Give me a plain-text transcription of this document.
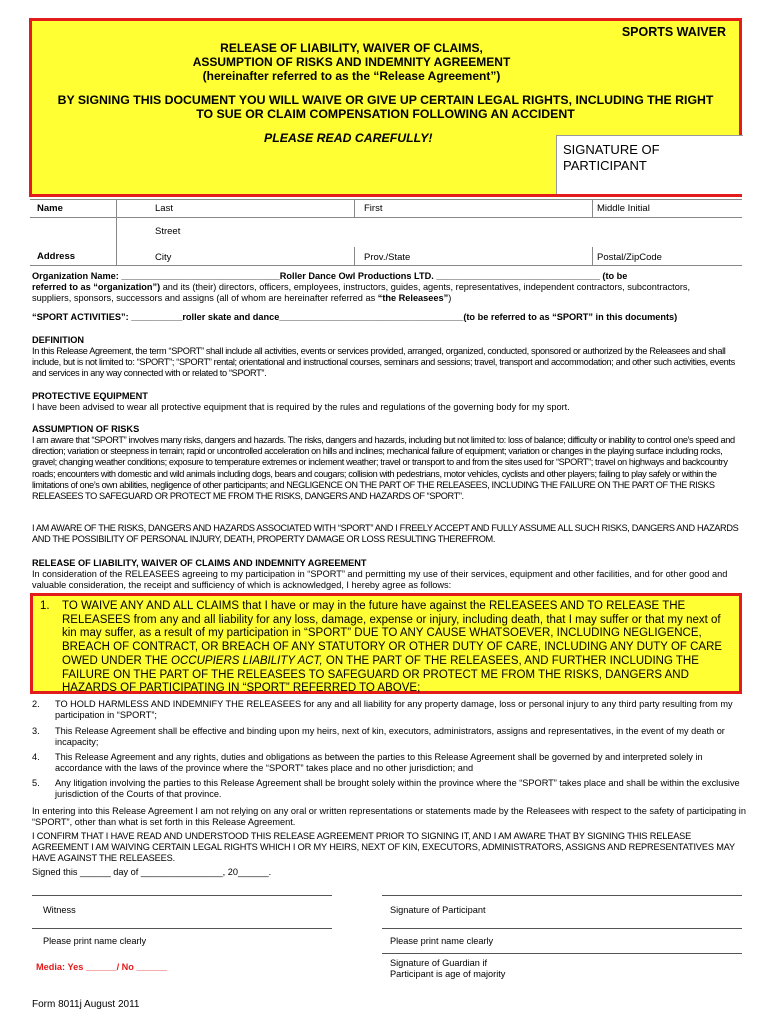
SPORTS WAIVER
RELEASE OF LIABILITY, WAIVER OF CLAIMS,
ASSUMPTION OF RISKS AND INDEMNITY AGREEMENT
(hereinafter referred to as the “Release Agreement”)
BY SIGNING THIS DOCUMENT YOU WILL WAIVE OR GIVE UP CERTAIN LEGAL RIGHTS, INCLUDING THE RIGHT
TO SUE OR CLAIM COMPENSATION FOLLOWING AN ACCIDENT
PLEASE READ CAREFULLY!
SIGNATURE OF
PARTICIPANT
Name	Last	First	Middle Initial
Street
Address	City	Prov./State	Postal/ZipCode
Organization Name: _______________________________Roller Dance Owl Productions LTD. ________________________________ (to be
referred to as “organization”) and its (their) directors, officers, employees, instructors, guides, agents, representatives, independent contractors, subcontractors,
suppliers, sponsors, successors and assigns (all of whom are hereinafter referred as “the Releasees”)
“SPORT ACTIVITIES”: __________roller skate and dance____________________________________(to be referred to as “SPORT” in this documents)
DEFINITION
In this Release Agreement, the term “SPORT” shall include all activities, events or services provided, arranged, organized, conducted, sponsored or authorized by the Releasees and shall include, but is not limited to: “SPORT”; “SPORT” rental; orientational and instructional courses, seminars and sessions; travel, transport and accommodation; and other such activities, events and services in any way connected with or related to “SPORT”.
PROTECTIVE EQUIPMENT
I have been advised to wear all protective equipment that is required by the rules and regulations of the governing body for my sport.
ASSUMPTION OF RISKS
I am aware that “SPORT” involves many risks, dangers and hazards. The risks, dangers and hazards, including but not limited to: loss of balance; difficulty or inability to control one’s speed and direction; variation or steepness in terrain; rapid or uncontrolled acceleration on hills and inclines; mechanical failure of equipment; variation or changes in the playing surface including rocks, gravel; changing weather conditions; exposure to temperature extremes or inclement weather; travel or transport to and from the sites used for “SPORT”; travel on highways and backcountry roads; encounters with domestic and wild animals including dogs, bears and cougars; collision with pedestrians, motor vehicles, cyclists and other players; failing to play safely or within the limitations of one’s own abilities, negligence of other participants; and NEGLIGENCE ON THE PART OF THE RELEASEES, INCLUDING THE FAILURE ON THE PART OF THE RISKS RELEASEES TO SAFEGUARD OR PROTECT ME FROM THE RISKS, DANGERS AND HAZARDS OF “SPORT”.
I AM AWARE OF THE RISKS, DANGERS AND HAZARDS ASSOCIATED WITH “SPORT” AND I FREELY ACCEPT AND FULLY ASSUME ALL SUCH RISKS, DANGERS AND HAZARDS AND THE POSSIBILITY OF PERSONAL INJURY, DEATH, PROPERTY DAMAGE OR LOSS RESULTING THEREFROM.
RELEASE OF LIABILITY, WAIVER OF CLAIMS AND INDEMNITY AGREEMENT
In consideration of the RELEASEES agreeing to my participation in “SPORT” and permitting my use of their services, equipment and other facilities, and for other good and valuable consideration, the receipt and sufficiency of which is acknowledged, I hereby agree as follows:
1. TO WAIVE ANY AND ALL CLAIMS that I have or may in the future have against the RELEASEES AND TO RELEASE THE RELEASEES from any and all liability for any loss, damage, expense or injury, including death, that I may suffer or that my next of kin may suffer, as a result of my participation in “SPORT” DUE TO ANY CAUSE WHATSOEVER, INCLUDING NEGLIGENCE, BREACH OF CONTRACT, OR BREACH OF ANY STATUTORY OR OTHER DUTY OF CARE, INCLUDING ANY DUTY OF CARE OWED UNDER THE OCCUPIERS LIABILITY ACT, ON THE PART OF THE RELEASEES, AND FURTHER INCLUDING THE FAILURE ON THE PART OF THE RELEASEES TO SAFEGUARD OR PROTECT ME FROM THE RISKS, DANGERS AND HAZARDS OF PARTICIPATING IN “SPORT” REFERRED TO ABOVE;
2. TO HOLD HARMLESS AND INDEMNIFY THE RELEASEES for any and all liability for any property damage, loss or personal injury to any third party resulting from my participation in “SPORT”;
3. This Release Agreement shall be effective and binding upon my heirs, next of kin, executors, administrators, assigns and representatives, in the event of my death or incapacity;
4. This Release Agreement and any rights, duties and obligations as between the parties to this Release Agreement shall be governed by and interpreted solely in accordance with the laws of the province where the “SPORT” takes place and no other jurisdiction; and
5. Any litigation involving the parties to this Release Agreement shall be brought solely within the province where the “SPORT” takes place and shall be within the exclusive jurisdiction of the Courts of that province.
In entering into this Release Agreement I am not relying on any oral or written representations or statements made by the Releasees with respect to the safety of participating in “SPORT”, other than what is set forth in this Release Agreement.
I CONFIRM THAT I HAVE READ AND UNDERSTOOD THIS RELEASE AGREEMENT PRIOR TO SIGNING IT, AND I AM AWARE THAT BY SIGNING THIS RELEASE AGREEMENT I AM WAIVING CERTAIN LEGAL RIGHTS WHICH I OR MY HEIRS, NEXT OF KIN, EXECUTORS, ADMINISTRATORS, ASSIGNS AND REPRESENTATIVES MAY HAVE AGAINST THE RELEASEES.
Signed this ______ day of ________________, 20______.
Witness	Signature of Participant
Please print name clearly	Please print name clearly
Media: Yes ______/ No ______	Signature of Guardian if
Participant is age of majority
Form 8011j August 2011
